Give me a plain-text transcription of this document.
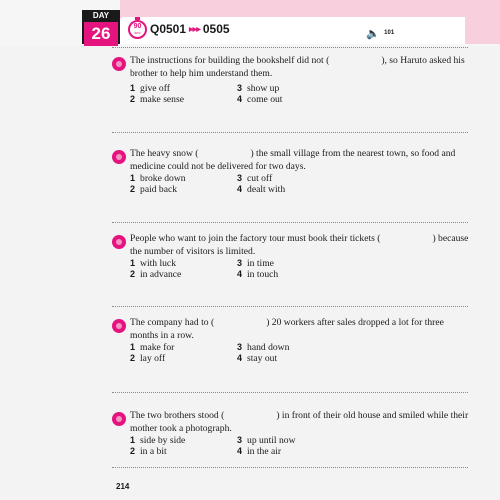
DAY
26	90
sec Q0501 ▶▶▶ 0505	🔈 101
The instructions for building the bookshelf did not (	), so Haruto asked his brother to help him understand them.
1 give off
2 make sense
3 show up
4 come out
The heavy snow (	) the small village from the nearest town, so food and medicine could not be delivered for two days.
1 broke down
2 paid back
3 cut off
4 dealt with
People who want to join the factory tour must book their tickets (	) because the number of visitors is limited.
1 with luck
2 in advance
3 in time
4 in touch
The company had to (	) 20 workers after sales dropped a lot for three months in a row.
1 make for
2 lay off
3 hand down
4 stay out
The two brothers stood (	) in front of their old house and smiled while their mother took a photograph.
1 side by side
2 in a bit
3 up until now
4 in the air
214
